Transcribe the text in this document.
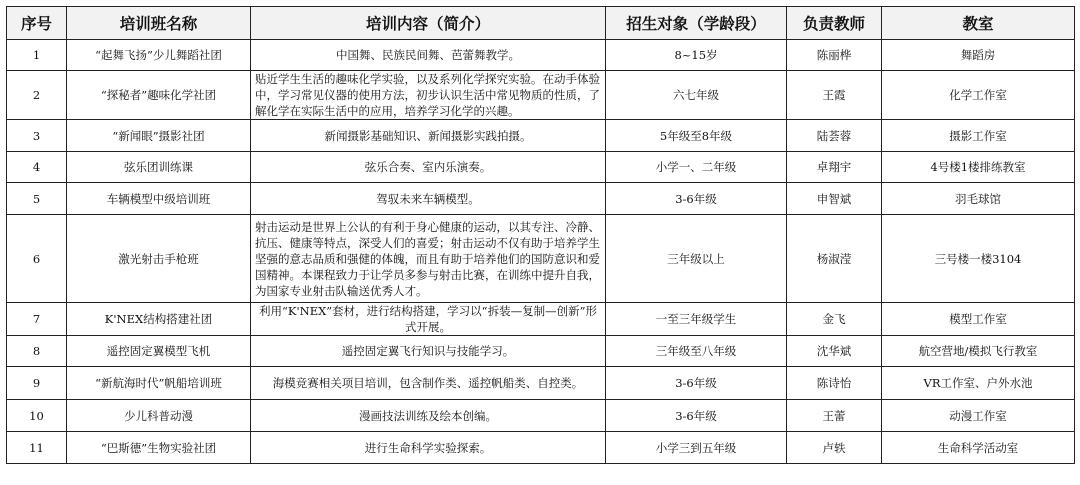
序号	培训班名称	培训内容（简介）	招生对象（学龄段）	负责教师	教室
1	“起舞飞扬”少儿舞蹈社团	中国舞、民族民间舞、芭蕾舞教学。	8~15岁	陈丽桦	舞蹈房
2	“探秘者”趣味化学社团	贴近学生生活的趣味化学实验，以及系列化学探究实验。在动手体验中，学习常见仪器的使用方法，初步认识生活中常见物质的性质，了解化学在实际生活中的应用，培养学习化学的兴趣。	六七年级	王霞	化学工作室
3	“新闻眼”摄影社团	新闻摄影基础知识、新闻摄影实践拍摄。	5年级至8年级	陆荟蓉	摄影工作室
4	弦乐团训练课	弦乐合奏、室内乐演奏。	小学一、二年级	卓翔宇	4号楼1楼排练教室
5	车辆模型中级培训班	驾驭未来车辆模型。	3-6年级	申智斌	羽毛球馆
6	激光射击手枪班	射击运动是世界上公认的有利于身心健康的运动，以其专注、冷静、抗压、健康等特点，深受人们的喜爱；射击运动不仅有助于培养学生坚强的意志品质和强健的体魄，而且有助于培养他们的国防意识和爱国精神。本课程致力于让学员多参与射击比赛，在训练中提升自我，为国家专业射击队输送优秀人才。	三年级以上	杨淑滢	三号楼一楼3104
7	K'NEX结构搭建社团	利用“K'NEX”套材，进行结构搭建，学习以“拆装—复制—创新”形式开展。	一至三年级学生	金飞	模型工作室
8	遥控固定翼模型飞机	遥控固定翼飞行知识与技能学习。	三年级至八年级	沈华斌	航空营地/模拟飞行教室
9	“新航海时代”帆船培训班	海模竞赛相关项目培训，包含制作类、遥控帆船类、自控类。	3-6年级	陈诗怡	VR工作室、户外水池
10	少儿科普动漫	漫画技法训练及绘本创编。	3-6年级	王蕾	动漫工作室
11	“巴斯德”生物实验社团	进行生命科学实验探索。	小学三到五年级	卢轶	生命科学活动室
